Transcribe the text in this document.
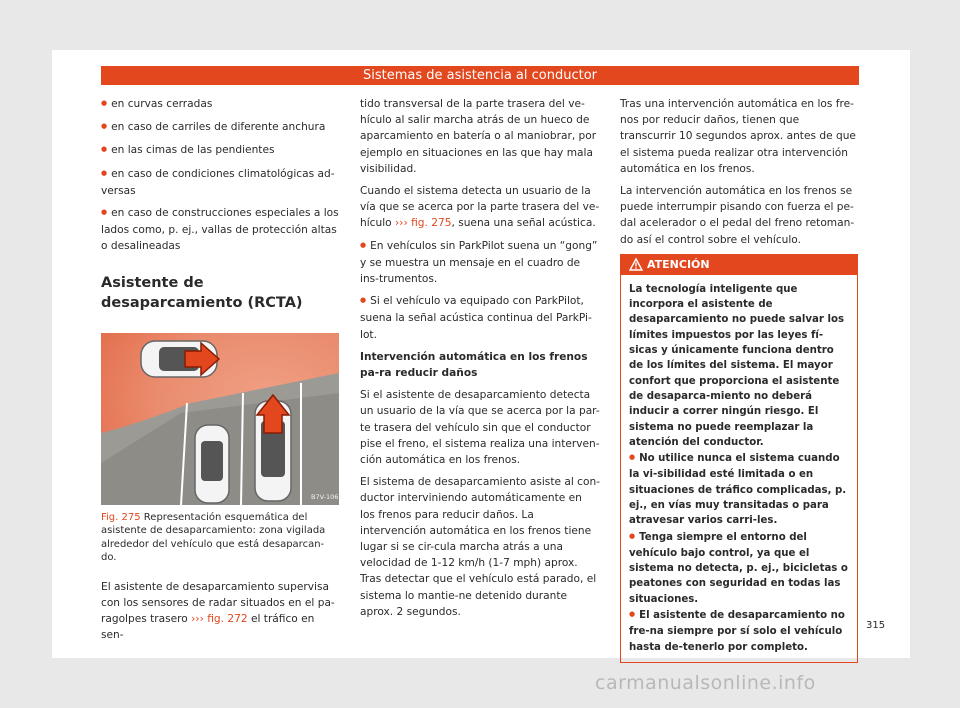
Sistemas de asistencia al conductor

● en curvas cerradas

● en caso de carriles de diferente anchura

● en las cimas de las pendientes

● en caso de condiciones climatológicas ad-versas

● en caso de construcciones especiales a los lados como, p. ej., vallas de protección altas o desalineadas

Asistente de desaparcamiento (RCTA)
B7V-1061
Fig. 275 Representación esquemática del asistente de desaparcamiento: zona vigilada alrededor del vehículo que está desaparcan-do.

El asistente de desaparcamiento supervisa con los sensores de radar situados en el pa-ragolpes trasero ››› fig. 272 el tráfico en sen-

tido transversal de la parte trasera del ve-hículo al salir marcha atrás de un hueco de aparcamiento en batería o al maniobrar, por ejemplo en situaciones en las que hay mala visibilidad.

Cuando el sistema detecta un usuario de la vía que se acerca por la parte trasera del ve-hículo ››› fig. 275, suena una señal acústica.

● En vehículos sin ParkPilot suena un “gong” y se muestra un mensaje en el cuadro de ins-trumentos.

● Si el vehículo va equipado con ParkPilot, suena la señal acústica continua del ParkPi-lot.

Intervención automática en los frenos pa-ra reducir daños

Si el asistente de desaparcamiento detecta un usuario de la vía que se acerca por la par-te trasera del vehículo sin que el conductor pise el freno, el sistema realiza una interven-ción automática en los frenos.

El sistema de desaparcamiento asiste al con-ductor interviniendo automáticamente en los frenos para reducir daños. La intervención automática en los frenos tiene lugar si se cir-cula marcha atrás a una velocidad de 1-12 km/h (1-7 mph) aprox. Tras detectar que el vehículo está parado, el sistema lo mantie-ne detenido durante aprox. 2 segundos.

Tras una intervención automática en los fre-nos por reducir daños, tienen que transcurrir 10 segundos aprox. antes de que el sistema pueda realizar otra intervención automática en los frenos.

La intervención automática en los frenos se puede interrumpir pisando con fuerza el pe-dal acelerador o el pedal del freno retoman-do así el control sobre el vehículo.

ATENCIÓN

La tecnología inteligente que incorpora el asistente de desaparcamiento no puede salvar los límites impuestos por las leyes fí-sicas y únicamente funciona dentro de los límites del sistema. El mayor confort que proporciona el asistente de desaparca-miento no deberá inducir a correr ningún riesgo. El sistema no puede reemplazar la atención del conductor.

● No utilice nunca el sistema cuando la vi-sibilidad esté limitada o en situaciones de tráfico complicadas, p. ej., en vías muy transitadas o para atravesar varios carri-les.

● Tenga siempre el entorno del vehículo bajo control, ya que el sistema no detecta, p. ej., bicicletas o peatones con seguridad en todas las situaciones.

● El asistente de desaparcamiento no fre-na siempre por sí solo el vehículo hasta de-tenerlo por completo.

315
carmanualsonline.info
